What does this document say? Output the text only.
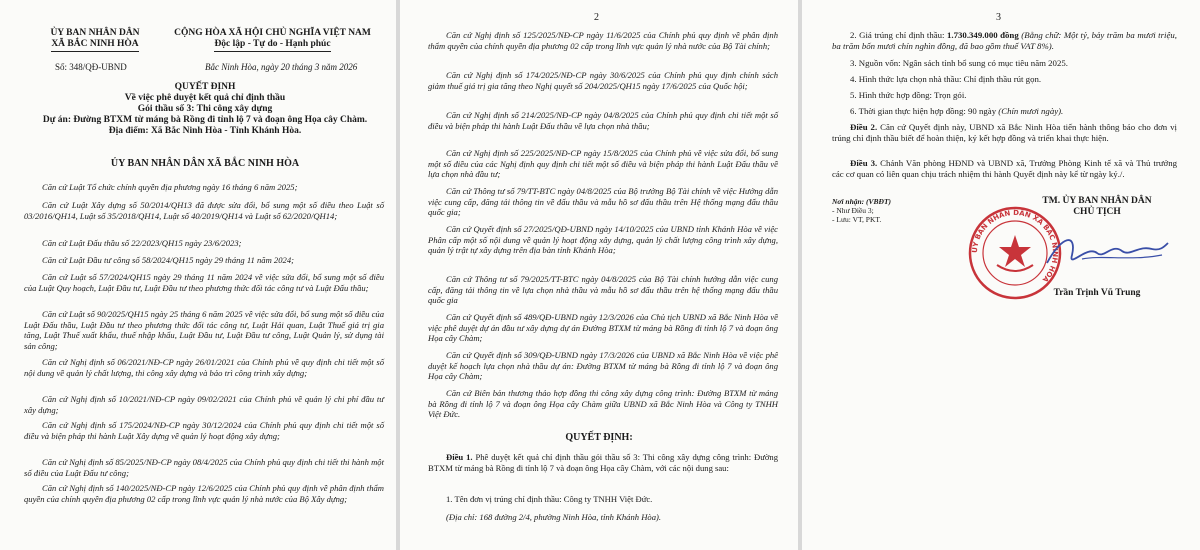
ỦY BAN NHÂN DÂN
XÃ BẮC NINH HÒA
CỘNG HÒA XÃ HỘI CHỦ NGHĨA VIỆT NAM
Độc lập - Tự do - Hạnh phúc
Số: 348/QĐ-UBND	Bắc Ninh Hòa, ngày 20 tháng 3 năm 2026
QUYẾT ĐỊNH
Về việc phê duyệt kết quả chỉ định thầu
Gói thầu số 3: Thi công xây dựng
Dự án: Đường BTXM từ máng bà Rồng đi tỉnh lộ 7 và đoạn ông Họa cây Chàm.
Địa điểm: Xã Bắc Ninh Hòa - Tỉnh Khánh Hòa.
ỦY BAN NHÂN DÂN XÃ BẮC NINH HÒA
Căn cứ Luật Tổ chức chính quyền địa phương ngày 16 tháng 6 năm 2025;
Căn cứ Luật Xây dựng số 50/2014/QH13 đã được sửa đổi, bổ sung một số điều theo Luật số 03/2016/QH14, Luật số 35/2018/QH14, Luật số 40/2019/QH14 và Luật số 62/2020/QH14;
Căn cứ Luật Đấu thầu số 22/2023/QH15 ngày 23/6/2023;
Căn cứ Luật Đầu tư công số 58/2024/QH15 ngày 29 tháng 11 năm 2024;
Căn cứ Luật số 57/2024/QH15 ngày 29 tháng 11 năm 2024 về việc sửa đổi, bổ sung một số điều của Luật Quy hoạch, Luật Đầu tư, Luật Đầu tư theo phương thức đối tác công tư và Luật Đấu thầu;
Căn cứ Luật số 90/2025/QH15 ngày 25 tháng 6 năm 2025 về việc sửa đổi, bổ sung một số điều của Luật Đấu thầu, Luật Đầu tư theo phương thức đối tác công tư, Luật Hải quan, Luật Thuế giá trị gia tăng, Luật Thuế xuất khẩu, thuế nhập khẩu, Luật Đầu tư, Luật Đầu tư công, Luật Quản lý, sử dụng tài sản công;
Căn cứ Nghị định số 06/2021/NĐ-CP ngày 26/01/2021 của Chính phủ về quy định chi tiết một số nội dung về quản lý chất lượng, thi công xây dựng và bảo trì công trình xây dựng;
Căn cứ Nghị định số 10/2021/NĐ-CP ngày 09/02/2021 của Chính phủ về quản lý chi phí đầu tư xây dựng;
Căn cứ Nghị định số 175/2024/NĐ-CP ngày 30/12/2024 của Chính phủ quy định chi tiết một số điều và biện pháp thi hành Luật Xây dựng về quản lý hoạt động xây dựng;
Căn cứ Nghị định số 85/2025/NĐ-CP ngày 08/4/2025 của Chính phủ quy định chi tiết thi hành một số điều của Luật Đấu tư công;
Căn cứ Nghị định số 140/2025/NĐ-CP ngày 12/6/2025 của Chính phủ quy định về phân định thẩm quyền của chính quyền địa phương 02 cấp trong lĩnh vực quản lý nhà nước của Bộ Xây dựng;
2
Căn cứ Nghị định số 125/2025/NĐ-CP ngày 11/6/2025 của Chính phủ quy định về phân định thẩm quyền của chính quyền địa phương 02 cấp trong lĩnh vực quản lý nhà nước của Bộ Tài chính;
Căn cứ Nghị định số 174/2025/NĐ-CP ngày 30/6/2025 của Chính phủ quy định chính sách giảm thuế giá trị gia tăng theo Nghị quyết số 204/2025/QH15 ngày 17/6/2025 của Quốc hội;
Căn cứ Nghị định số 214/2025/NĐ-CP ngày 04/8/2025 của Chính phủ quy định chi tiết một số điều và biện pháp thi hành Luật Đấu thầu về lựa chọn nhà thầu;
Căn cứ Nghị định số 225/2025/NĐ-CP ngày 15/8/2025 của Chính phủ về việc sửa đổi, bổ sung một số điều của các Nghị định quy định chi tiết một số điều và biện pháp thi hành Luật Đấu thầu về lựa chọn nhà đầu tư;
Căn cứ Thông tư số 79/TT-BTC ngày 04/8/2025 của Bộ trưởng Bộ Tài chính về việc Hướng dẫn việc cung cấp, đăng tải thông tin về đấu thầu và mẫu hồ sơ đấu thầu trên Hệ thống mạng đấu thầu quốc gia;
Căn cứ Quyết định số 27/2025/QĐ-UBND ngày 14/10/2025 của UBND tỉnh Khánh Hòa về việc Phân cấp một số nội dung về quản lý hoạt động xây dựng, quản lý chất lượng công trình xây dựng, quản lý trật tự xây dựng trên địa bàn tỉnh Khánh Hòa;
Căn cứ Thông tư số 79/2025/TT-BTC ngày 04/8/2025 của Bộ Tài chính hướng dẫn việc cung cấp, đăng tải thông tin về lựa chọn nhà thầu và mẫu hồ sơ đấu thầu trên hệ thống mạng đấu thầu quốc gia
Căn cứ Quyết định số 489/QĐ-UBND ngày 12/3/2026 của Chủ tịch UBND xã Bắc Ninh Hòa về việc phê duyệt dự án đầu tư xây dựng dự án Đường BTXM từ máng bà Rồng đi tỉnh lộ 7 và đoạn ông Họa cây Chàm;
Căn cứ Quyết định số 309/QĐ-UBND ngày 17/3/2026 của UBND xã Bắc Ninh Hòa về việc phê duyệt kế hoạch lựa chọn nhà thầu dự án: Đường BTXM từ máng bà Rồng đi tỉnh lộ 7 và đoạn ông Họa cây Chàm;
Căn cứ Biên bản thương thảo hợp đồng thi công xây dựng công trình: Đường BTXM từ máng bà Rồng đi tỉnh lộ 7 và đoạn ông Họa cây Chàm giữa UBND xã Bắc Ninh Hòa và Công ty TNHH Việt Đức.
QUYẾT ĐỊNH:
Điều 1. Phê duyệt kết quả chỉ định thầu gói thầu số 3: Thi công xây dựng công trình: Đường BTXM từ máng bà Rồng đi tỉnh lộ 7 và đoạn ông Họa cây Chàm, với các nội dung sau:
1. Tên đơn vị trúng chỉ định thầu: Công ty TNHH Việt Đức.
(Địa chỉ: 168 đường 2/4, phường Ninh Hòa, tỉnh Khánh Hòa).
3
2. Giá trúng chỉ định thầu: 1.730.349.000 đồng (Bằng chữ: Một tỷ, bảy trăm ba mươi triệu, ba trăm bốn mươi chín nghìn đồng, đã bao gồm thuế VAT 8%).
3. Nguồn vốn: Ngân sách tỉnh bổ sung có mục tiêu năm 2025.
4. Hình thức lựa chọn nhà thầu: Chỉ định thầu rút gọn.
5. Hình thức hợp đồng: Trọn gói.
6. Thời gian thực hiện hợp đồng: 90 ngày (Chín mươi ngày).
Điều 2. Căn cứ Quyết định này, UBND xã Bắc Ninh Hòa tiến hành thông báo cho đơn vị trúng chỉ định thầu biết để hoàn thiện, ký kết hợp đồng và triển khai thực hiện.
Điều 3. Chánh Văn phòng HĐND và UBND xã, Trưởng Phòng Kinh tế xã và Thủ trưởng các cơ quan có liên quan chịu trách nhiệm thi hành Quyết định này kể từ ngày ký./.
Nơi nhận: (VBĐT)
- Như Điều 3;
- Lưu: VT, PKT.
TM. ỦY BAN NHÂN DÂN
CHỦ TỊCH
ỦY BAN NHÂN DÂN XÃ BẮC NINH HÒA
Trần Trịnh Vũ Trung
